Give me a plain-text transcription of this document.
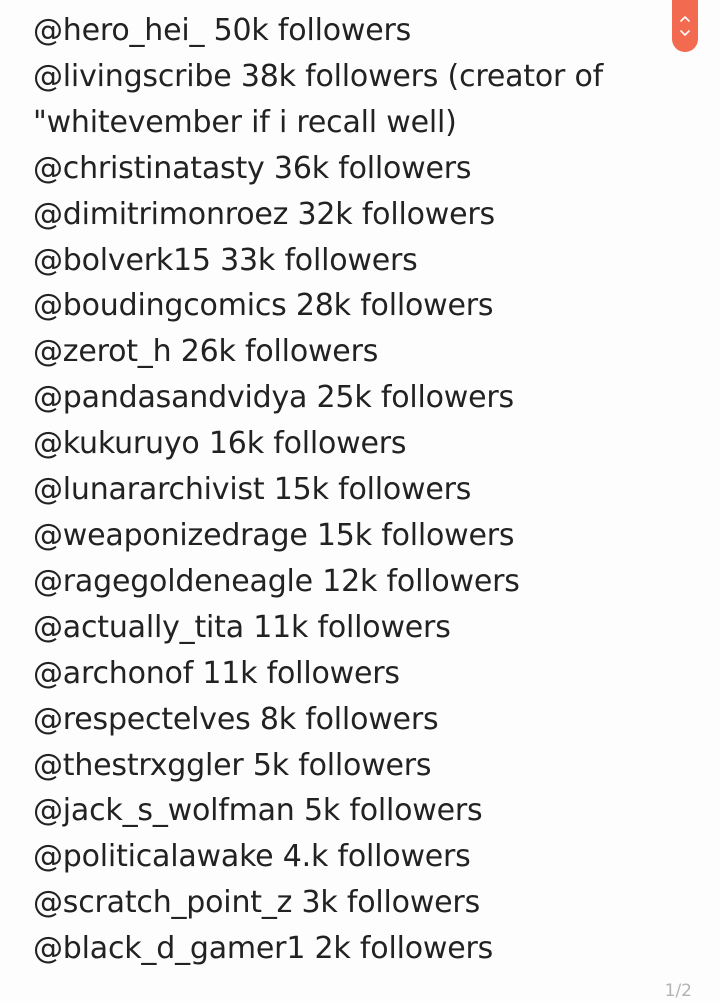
@hero_hei_ 50k followers

@livingscribe 38k followers (creator of

"whitevember if i recall well)

@christinatasty 36k followers

@dimitrimonroez 32k followers

@bolverk15 33k followers

@boudingcomics 28k followers

@zerot_h 26k followers

@pandasandvidya 25k followers

@kukuruyo 16k followers

@lunararchivist 15k followers

@weaponizedrage 15k followers

@ragegoldeneagle 12k followers

@actually_tita 11k followers

@archonof 11k followers

@respectelves 8k followers

@thestrxggler 5k followers

@jack_s_wolfman 5k followers

@politicalawake 4.k followers

@scratch_point_z 3k followers

@black_d_gamer1 2k followers

1/2
